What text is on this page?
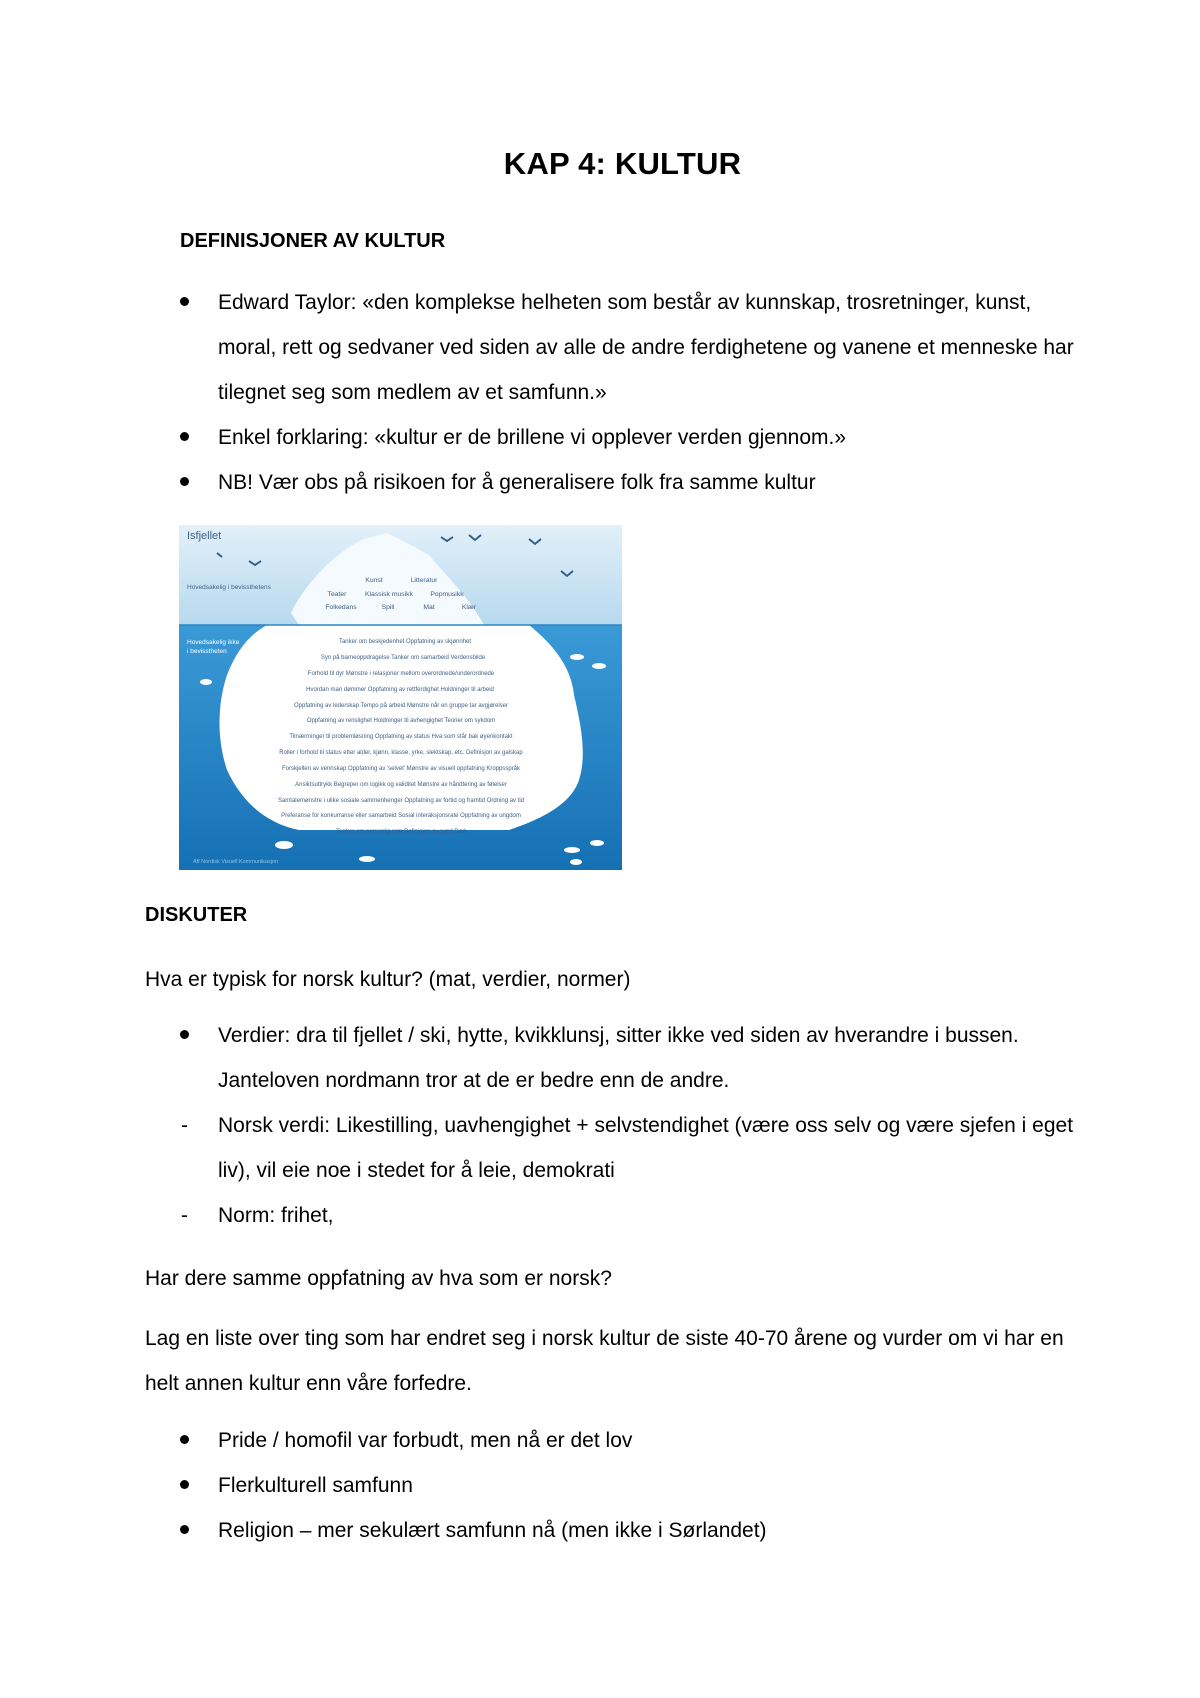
KAP 4: KULTUR
DEFINISJONER AV KULTUR
Edward Taylor: «den komplekse helheten som består av kunnskap, trosretninger, kunst, moral, rett og sedvaner ved siden av alle de andre ferdighetene og vanene et menneske har tilegnet seg som medlem av et samfunn.»
Enkel forklaring: «kultur er de brillene vi opplever verden gjennom.»
NB! Vær obs på risikoen for å generalisere folk fra samme kultur
Isfjellet
Hovedsakelig i bevissthetens
Hovedsakelig ikke
i bevisstheten
Kunst	Litteratur
Teater	Klassisk musikk	Popmusikk
Folkedans	Spill	Mat	Klær
Tanker om beskjedenhet Oppfatning av skjønnhet
Syn på barneoppdragelse Tanker om samarbeid Verdensbilde
Forhold til dyr Mønstre i relasjoner mellom overordnede/underordnede
Hvordan man dømmer Oppfatning av rettferdighet Holdninger til arbeid
Oppfatning av lederskap Tempo på arbeid Mønstre når en gruppe tar avgjørelser
Oppfatning av renslighet Holdninger til avhengighet Teorier om sykdom
Tilnærminger til problemløsning Oppfatning av status Hva som står bak øyenkontakt
Roller i forhold til status etter alder, kjønn, klasse, yrke, slektskap, etc. Definisjon av galskap
Forskjellen av vennskap Oppfatning av 'selvet' Mønstre av visuell oppfatning Kroppsspråk
Ansiktsuttrykk Begreper om logikk og validitet Mønstre av håndtering av følelser
Samtalemønstre i ulike sosiale sammenhenger Oppfatning av fortid og framtid Ordning av tid
Preferanse for konkurranse eller samarbeid Sosial interaksjonsrate Oppfatning av ungdom
Tanker om personlig rom Definisjon av synd Død
Aff Nordisk Visuell Kommunikasjon
DISKUTER
Hva er typisk for norsk kultur? (mat, verdier, normer)
Verdier: dra til fjellet / ski, hytte, kvikklunsj, sitter ikke ved siden av hverandre i bussen. Janteloven nordmann tror at de er bedre enn de andre.
- Norsk verdi: Likestilling, uavhengighet + selvstendighet (være oss selv og være sjefen i eget liv), vil eie noe i stedet for å leie, demokrati
- Norm: frihet,
Har dere samme oppfatning av hva som er norsk?
Lag en liste over ting som har endret seg i norsk kultur de siste 40-70 årene og vurder om vi har en helt annen kultur enn våre forfedre.
Pride / homofil var forbudt, men nå er det lov
Flerkulturell samfunn
Religion – mer sekulært samfunn nå (men ikke i Sørlandet)
